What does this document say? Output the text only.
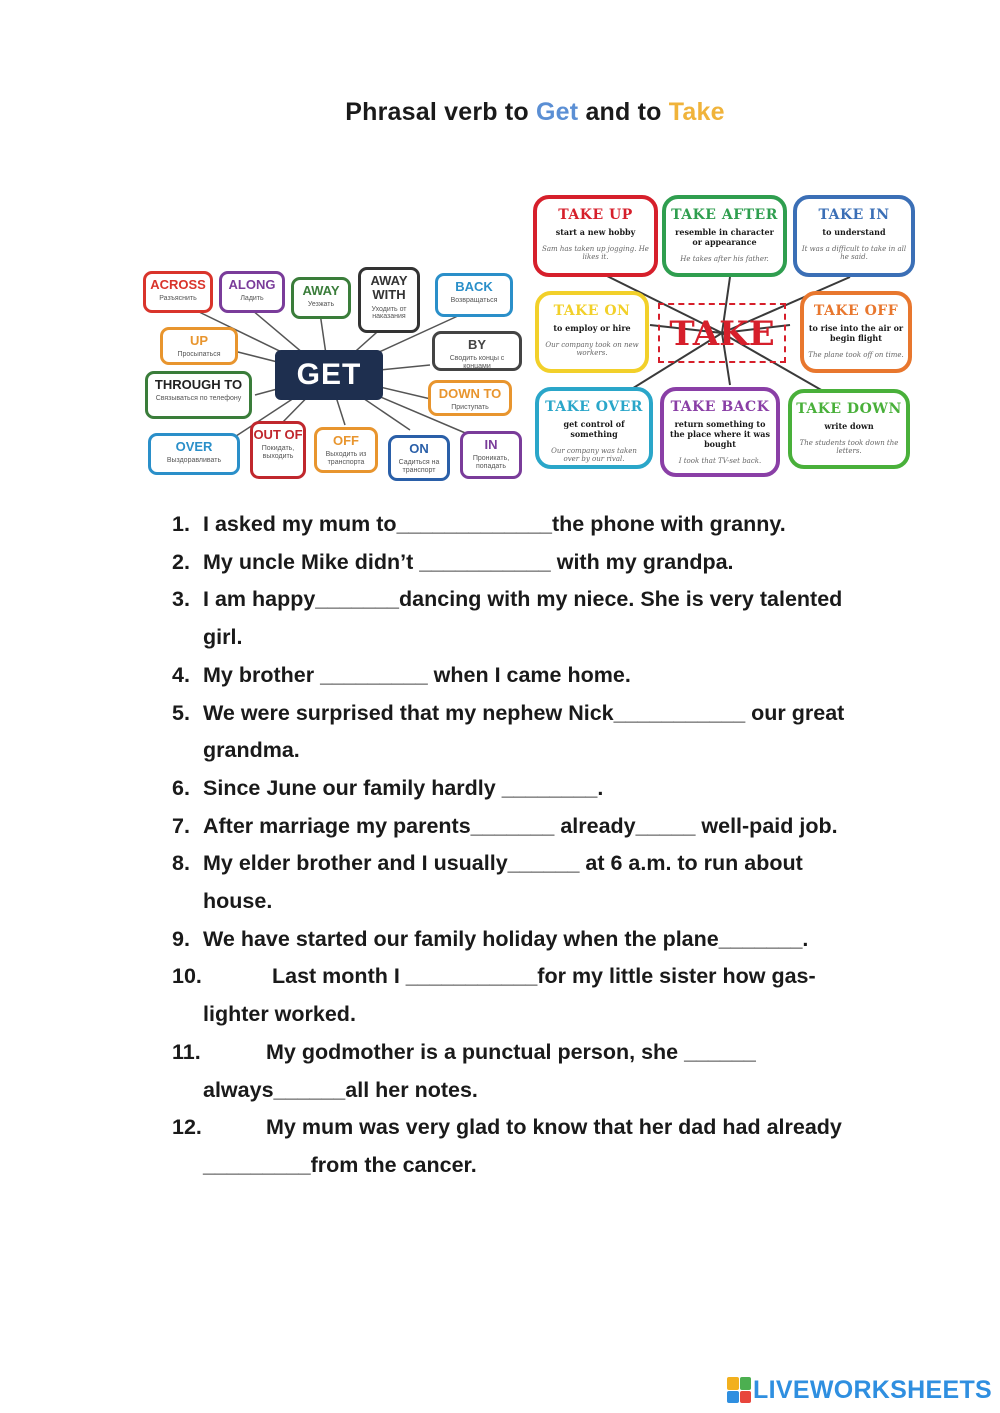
Phrasal verb to Get and to Take
ACROSS
Разъяснить
ALONG
Ладить
AWAY
Уезжать
AWAY WITH
Уходить от наказания
BACK
Возвращаться
UP
Просыпаться
BY
Сводить концы с концами
THROUGH TO
Связываться по телефону	DOWN TO
Приступать
GET
OVER
Выздоравливать
OUT OF
Покидать, выходить
OFF
Выходить из транспорта
ON
Садиться на транспорт
IN
Проникать, попадать
TAKE UP
start a new hobby
Sam has taken up jogging. He likes it.
TAKE AFTER
resemble in character or appearance
He takes after his father.
TAKE IN
to understand
It was a difficult to take in all he said.
TAKE ON
to employ or hire
Our company took on new workers.	TAKE
TAKE OFF
to rise into the air or begin flight
The plane took off on time.
TAKE OVER
get control of something
Our company was taken over by our rival.
TAKE BACK
return something to the place where it was bought
I took that TV-set back.
TAKE DOWN
write down
The students took down the letters.
1. I asked my mum to_____________the phone with granny.
2. My uncle Mike didn’t ___________ with my grandpa.
3. I am happy_______dancing with my niece. She is very talented
girl.
4. My brother _________ when I came home.
5. We were surprised that my nephew Nick___________ our great
grandma.
6. Since June our family hardly ________.
7. After marriage my parents_______ already_____ well-paid job.
8. My elder brother and I usually______ at 6 a.m. to run about
house.
9. We have started our family holiday when the plane_______.
10.	Last month I ___________for my little sister how gas-
lighter worked.
11.	My godmother is a punctual person, she ______
always______all her notes.
12.	My mum was very glad to know that her dad had already
_________from the cancer.
LIVEWORKSHEETS
